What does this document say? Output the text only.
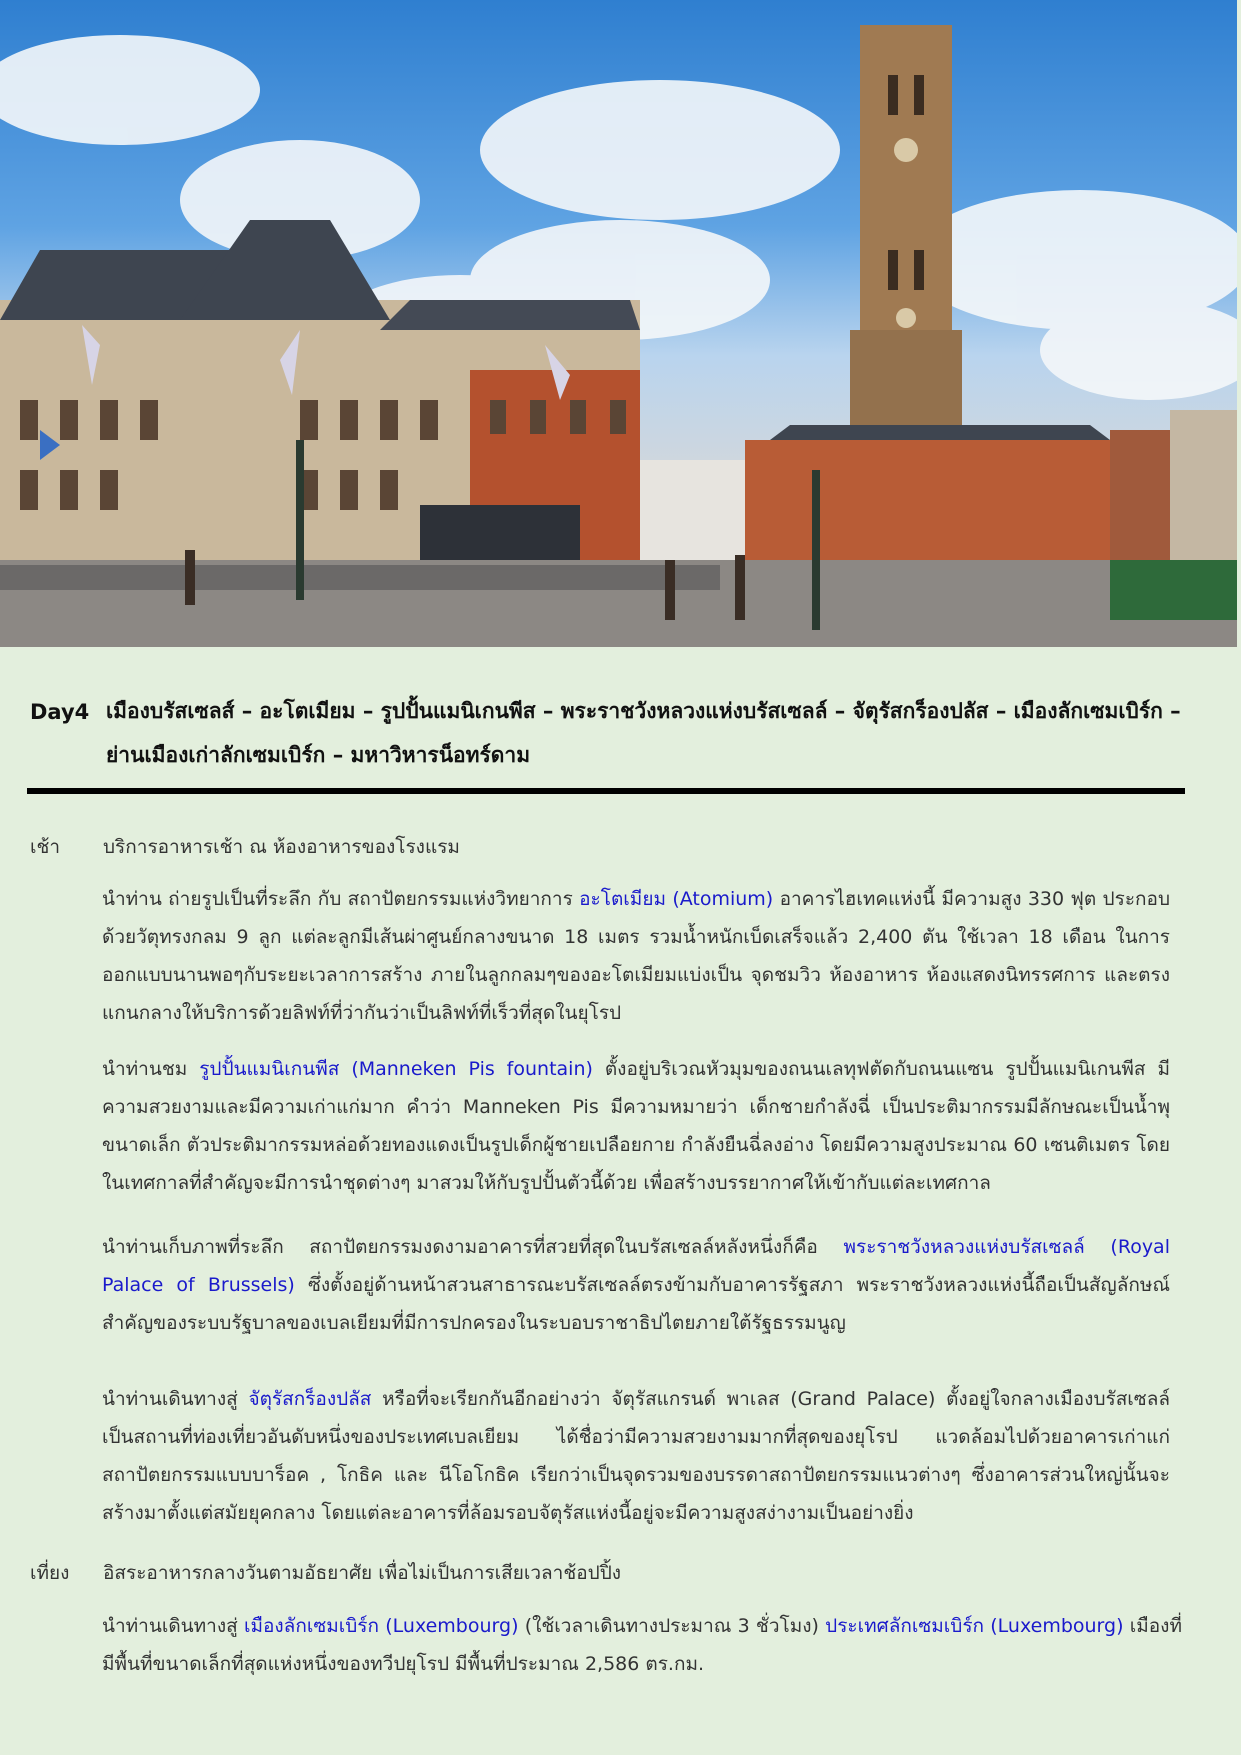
Day4 เมืองบรัสเซลส์ – อะโตเมียม – รูปปั้นแมนิเกนพีส – พระราชวังหลวงแห่งบรัสเซลล์ – จัตุรัสกร็องปลัส – เมืองลักเซมเบิร์ก – ย่านเมืองเก่าลักเซมเบิร์ก – มหาวิหารน็อทร์ดาม
เช้า บริการอาหารเช้า ณ ห้องอาหารของโรงแรม
นำท่าน ถ่ายรูปเป็นที่ระลึก กับ สถาปัตยกรรมแห่งวิทยาการ อะโตเมียม (Atomium) อาคารไฮเทคแห่งนี้ มีความสูง 330 ฟุต ประกอบด้วยวัตุทรงกลม 9 ลูก แต่ละลูกมีเส้นผ่าศูนย์กลางขนาด 18 เมตร รวมน้ำหนักเบ็ดเสร็จแล้ว 2,400 ตัน ใช้เวลา 18 เดือน ในการออกแบบนานพอๆกับระยะเวลาการสร้าง ภายในลูกกลมๆของอะโตเมียมแบ่งเป็น จุดชมวิว ห้องอาหาร ห้องแสดงนิทรรศการ และตรงแกนกลางให้บริการด้วยลิฟท์ที่ว่ากันว่าเป็นลิฟท์ที่เร็วที่สุดในยุโรป
นำท่านชม รูปปั้นแมนิเกนพีส (Manneken Pis fountain) ตั้งอยู่บริเวณหัวมุมของถนนเลทุฟตัดกับถนนแซน รูปปั้นแมนิเกนพีส มีความสวยงามและมีความเก่าแก่มาก คำว่า Manneken Pis มีความหมายว่า เด็กชายกำลังฉี่ เป็นประติมากรรมมีลักษณะเป็นน้ำพุขนาดเล็ก ตัวประติมากรรมหล่อด้วยทองแดงเป็นรูปเด็กผู้ชายเปลือยกาย กำลังยืนฉี่ลงอ่าง โดยมีความสูงประมาณ 60 เซนติเมตร โดยในเทศกาลที่สำคัญจะมีการนำชุดต่างๆ มาสวมให้กับรูปปั้นตัวนี้ด้วย เพื่อสร้างบรรยากาศให้เข้ากับแต่ละเทศกาล
นำท่านเก็บภาพที่ระลึก สถาปัตยกรรมงดงามอาคารที่สวยที่สุดในบรัสเซลล์หลังหนึ่งก็คือ พระราชวังหลวงแห่งบรัสเซลล์ (Royal Palace of Brussels) ซึ่งตั้งอยู่ด้านหน้าสวนสาธารณะบรัสเซลล์ตรงข้ามกับอาคารรัฐสภา พระราชวังหลวงแห่งนี้ถือเป็นสัญลักษณ์สำคัญของระบบรัฐบาลของเบลเยียมที่มีการปกครองในระบอบราชาธิปไตยภายใต้รัฐธรรมนูญ
นำท่านเดินทางสู่ จัตุรัสกร็องปลัส หรือที่จะเรียกกันอีกอย่างว่า จัตุรัสแกรนด์ พาเลส (Grand Palace) ตั้งอยู่ใจกลางเมืองบรัสเซลล์ เป็นสถานที่ท่องเที่ยวอันดับหนึ่งของประเทศเบลเยียม ได้ชื่อว่ามีความสวยงามมากที่สุดของยุโรป แวดล้อมไปด้วยอาคารเก่าแก่ สถาปัตยกรรมแบบบาร็อค , โกธิค และ นีโอโกธิค เรียกว่าเป็นจุดรวมของบรรดาสถาปัตยกรรมแนวต่างๆ ซึ่งอาคารส่วนใหญ่นั้นจะสร้างมาตั้งแต่สมัยยุคกลาง โดยแต่ละอาคารที่ล้อมรอบจัตุรัสแห่งนี้อยู่จะมีความสูงสง่างามเป็นอย่างยิ่ง
เที่ยง อิสระอาหารกลางวันตามอัธยาศัย เพื่อไม่เป็นการเสียเวลาช้อปปิ้ง
นำท่านเดินทางสู่ เมืองลักเซมเบิร์ก (Luxembourg) (ใช้เวลาเดินทางประมาณ 3 ชั่วโมง) ประเทศลักเซมเบิร์ก (Luxembourg) เมืองที่มีพื้นที่ขนาดเล็กที่สุดแห่งหนึ่งของทวีปยุโรป มีพื้นที่ประมาณ 2,586 ตร.กม.
